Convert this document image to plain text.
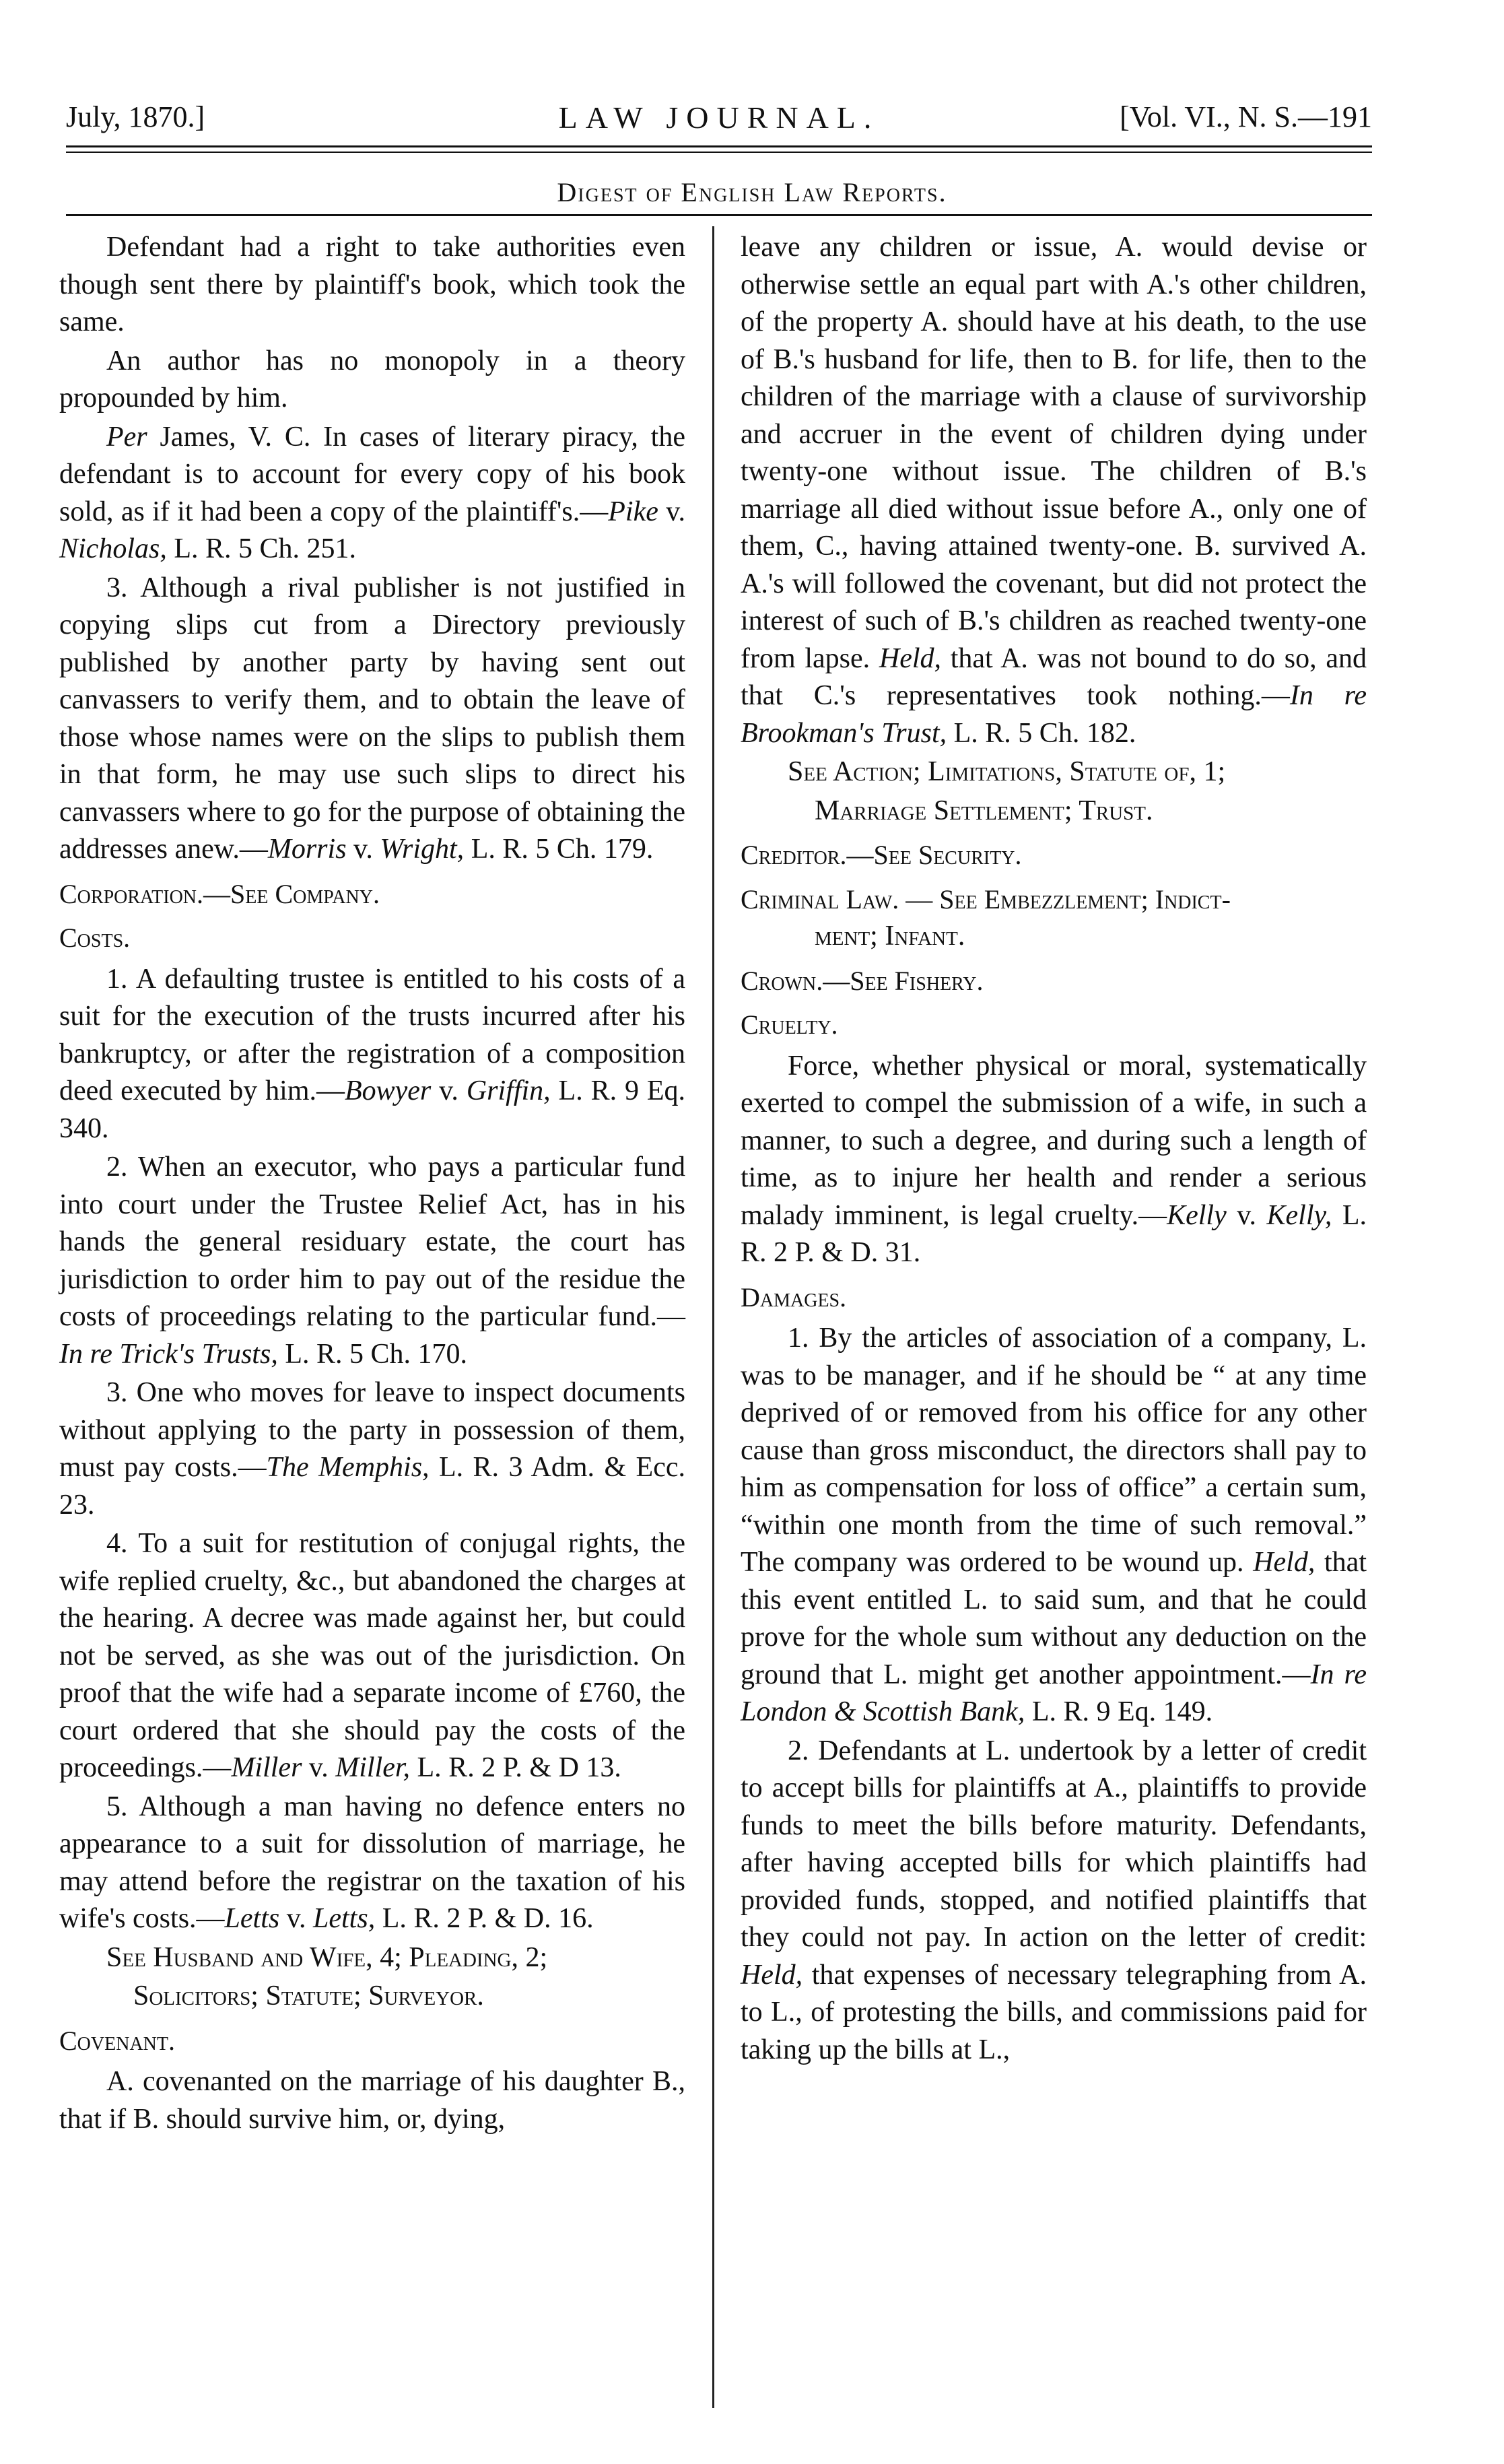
July, 1870.]	LAW JOURNAL.	[Vol. VI., N. S.—191
Digest of English Law Reports.

Defendant had a right to take authorities even though sent there by plaintiff's book, which took the same.

An author has no monopoly in a theory propounded by him.

Per James, V. C. In cases of literary piracy, the defendant is to account for every copy of his book sold, as if it had been a copy of the plaintiff's.—Pike v. Nicholas, L. R. 5 Ch. 251.

3. Although a rival publisher is not justified in copying slips cut from a Directory previously published by another party by having sent out canvassers to verify them, and to obtain the leave of those whose names were on the slips to publish them in that form, he may use such slips to direct his canvassers where to go for the purpose of obtaining the addresses anew.—Morris v. Wright, L. R. 5 Ch. 179.

Corporation.—See Company.

Costs.

1. A defaulting trustee is entitled to his costs of a suit for the execution of the trusts incurred after his bankruptcy, or after the registration of a composition deed executed by him.—Bowyer v. Griffin, L. R. 9 Eq. 340.

2. When an executor, who pays a particular fund into court under the Trustee Relief Act, has in his hands the general residuary estate, the court has jurisdiction to order him to pay out of the residue the costs of proceedings relating to the particular fund.—In re Trick's Trusts, L. R. 5 Ch. 170.

3. One who moves for leave to inspect documents without applying to the party in possession of them, must pay costs.—The Memphis, L. R. 3 Adm. & Ecc. 23.

4. To a suit for restitution of conjugal rights, the wife replied cruelty, &c., but abandoned the charges at the hearing. A decree was made against her, but could not be served, as she was out of the jurisdiction. On proof that the wife had a separate income of £760, the court ordered that she should pay the costs of the proceedings.—Miller v. Miller, L. R. 2 P. & D 13.

5. Although a man having no defence enters no appearance to a suit for dissolution of marriage, he may attend before the registrar on the taxation of his wife's costs.—Letts v. Letts, L. R. 2 P. & D. 16.

See Husband and Wife, 4; Pleading, 2;

Solicitors; Statute; Surveyor.

Covenant.

A. covenanted on the marriage of his daughter B., that if B. should survive him, or, dying,

leave any children or issue, A. would devise or otherwise settle an equal part with A.'s other children, of the property A. should have at his death, to the use of B.'s husband for life, then to B. for life, then to the children of the marriage with a clause of survivorship and accruer in the event of children dying under twenty-one without issue. The children of B.'s marriage all died without issue before A., only one of them, C., having attained twenty-one. B. survived A. A.'s will followed the covenant, but did not protect the interest of such of B.'s children as reached twenty-one from lapse. Held, that A. was not bound to do so, and that C.'s representatives took nothing.—In re Brookman's Trust, L. R. 5 Ch. 182.

See Action; Limitations, Statute of, 1;

Marriage Settlement; Trust.

Creditor.—See Security.

Criminal Law. — See Embezzlement; Indict-

ment; Infant.

Crown.—See Fishery.

Cruelty.

Force, whether physical or moral, systematically exerted to compel the submission of a wife, in such a manner, to such a degree, and during such a length of time, as to injure her health and render a serious malady imminent, is legal cruelty.—Kelly v. Kelly, L. R. 2 P. & D. 31.

Damages.

1. By the articles of association of a company, L. was to be manager, and if he should be “ at any time deprived of or removed from his office for any other cause than gross misconduct, the directors shall pay to him as compensation for loss of office” a certain sum, “within one month from the time of such removal.” The company was ordered to be wound up. Held, that this event entitled L. to said sum, and that he could prove for the whole sum without any deduction on the ground that L. might get another appointment.—In re London & Scottish Bank, L. R. 9 Eq. 149.

2. Defendants at L. undertook by a letter of credit to accept bills for plaintiffs at A., plaintiffs to provide funds to meet the bills before maturity. Defendants, after having accepted bills for which plaintiffs had provided funds, stopped, and notified plaintiffs that they could not pay. In action on the letter of credit: Held, that expenses of necessary telegraphing from A. to L., of protesting the bills, and commissions paid for taking up the bills at L.,
